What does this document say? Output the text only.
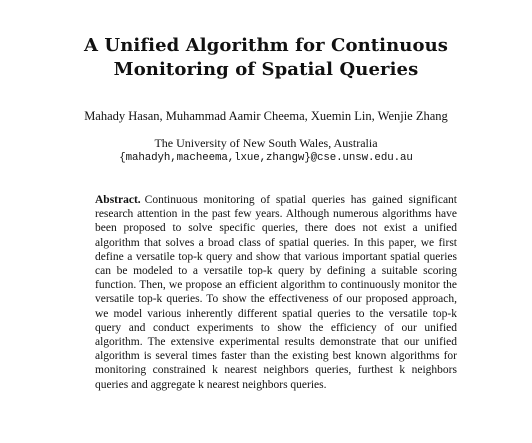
A Unified Algorithm for Continuous
Monitoring of Spatial Queries
Mahady Hasan, Muhammad Aamir Cheema, Xuemin Lin, Wenjie Zhang
The University of New South Wales, Australia
{mahadyh,macheema,lxue,zhangw}@cse.unsw.edu.au
Abstract. Continuous monitoring of spatial queries has gained significant research attention in the past few years. Although numerous algorithms have been proposed to solve specific queries, there does not exist a unified algorithm that solves a broad class of spatial queries. In this paper, we first define a versatile top-k query and show that various important spatial queries can be modeled to a versatile top-k query by defining a suitable scoring function. Then, we propose an efficient algorithm to continuously monitor the versatile top-k queries. To show the effectiveness of our proposed approach, we model various inherently different spatial queries to the versatile top-k query and conduct experiments to show the efficiency of our unified algorithm. The extensive experimental results demonstrate that our unified algorithm is several times faster than the existing best known algorithms for monitoring constrained k nearest neighbors queries, furthest k neighbors queries and aggregate k nearest neighbors queries.
